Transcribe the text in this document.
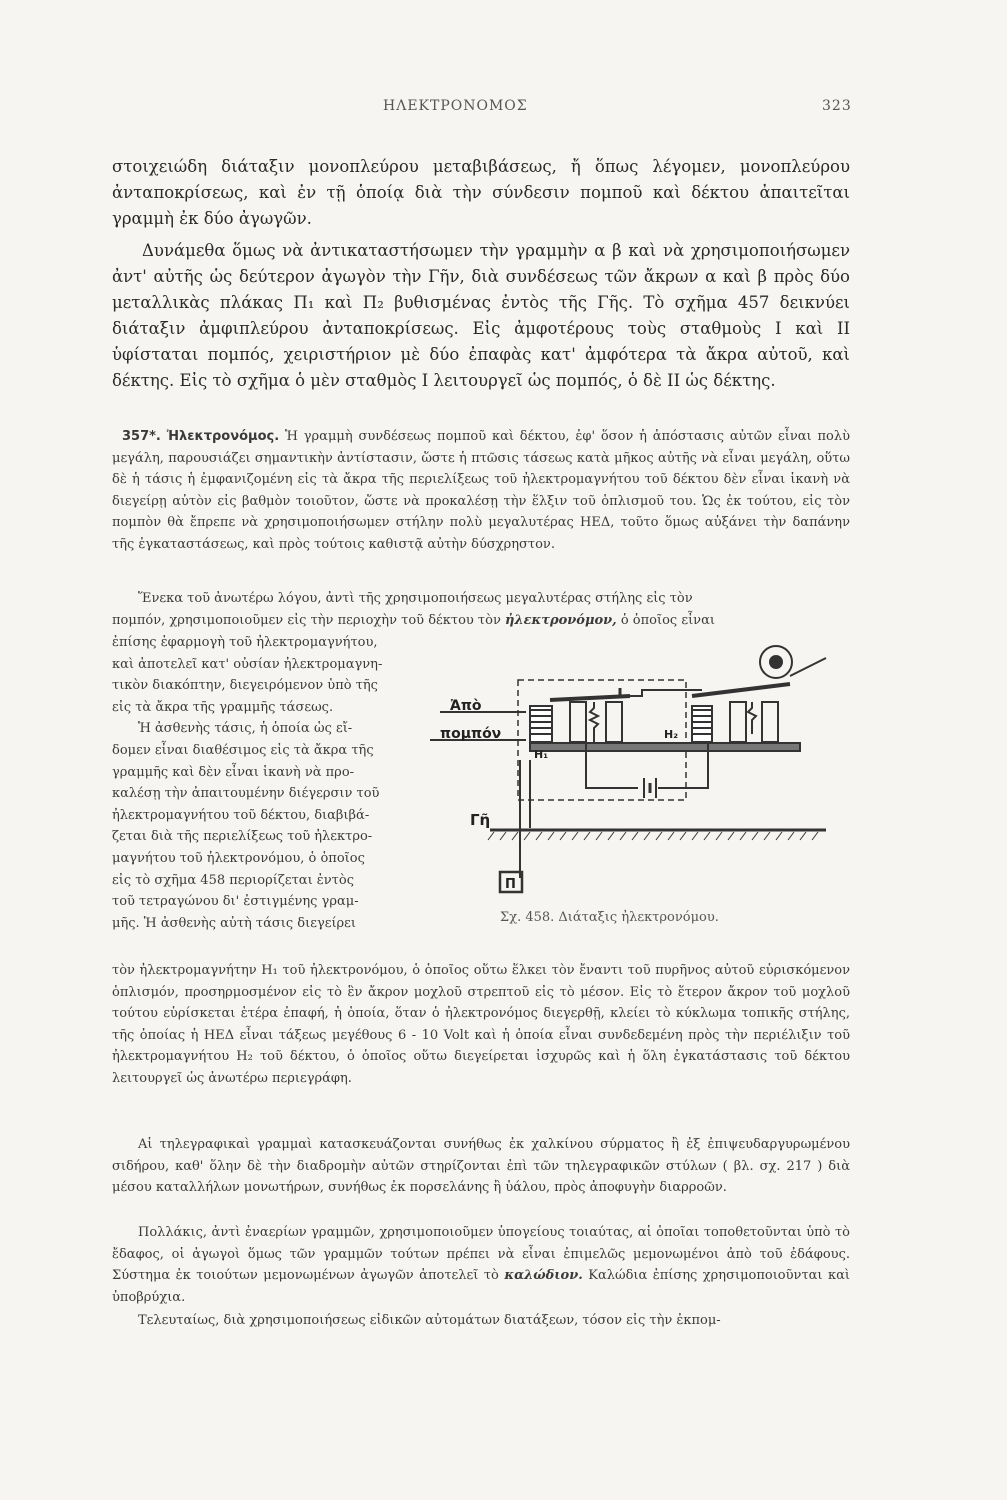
ΗΛΕΚΤΡΟΝΟΜΟΣ	323

στοιχειώδη διάταξιν μονοπλεύρου μεταβιβάσεως, ἤ ὅπως λέγομεν, μονοπλεύρου ἀνταποκρίσεως, καὶ ἐν τῇ ὁποίᾳ διὰ τὴν σύνδεσιν πομποῦ καὶ δέκτου ἀπαιτεῖται γραμμὴ ἐκ δύο ἀγωγῶν.

Δυνάμεθα ὅμως νὰ ἀντικαταστήσωμεν τὴν γραμμὴν α β καὶ νὰ χρησιμοποιήσωμεν ἀντ' αὐτῆς ὡς δεύτερον ἀγωγὸν τὴν Γῆν, διὰ συνδέσεως τῶν ἄκρων α καὶ β πρὸς δύο μεταλλικὰς πλάκας Π₁ καὶ Π₂ βυθισμένας ἐντὸς τῆς Γῆς. Τὸ σχῆμα 457 δεικνύει διάταξιν ἀμφιπλεύρου ἀνταποκρίσεως. Εἰς ἀμφοτέρους τοὺς σταθμοὺς Ι καὶ ΙΙ ὑφίσταται πομπός, χειριστήριον μὲ δύο ἐπαφὰς κατ' ἀμφότερα τὰ ἄκρα αὐτοῦ, καὶ δέκτης. Εἰς τὸ σχῆμα ὁ μὲν σταθμὸς Ι λειτουργεῖ ὡς πομπός, ὁ δὲ ΙΙ ὡς δέκτης.

357*. Ἠλεκτρονόμος. Ἡ γραμμὴ συνδέσεως πομποῦ καὶ δέκτου, ἐφ' ὅσον ἡ ἀπόστασις αὐτῶν εἶναι πολὺ μεγάλη, παρουσιάζει σημαντικὴν ἀντίστασιν, ὥστε ἡ πτῶσις τάσεως κατὰ μῆκος αὐτῆς νὰ εἶναι μεγάλη, οὕτω δὲ ἡ τάσις ἡ ἐμφανιζομένη εἰς τὰ ἄκρα τῆς περιελίξεως τοῦ ἠλεκτρομαγνήτου τοῦ δέκτου δὲν εἶναι ἱκανὴ νὰ διεγείρῃ αὐτὸν εἰς βαθμὸν τοιοῦτον, ὥστε νὰ προκαλέσῃ τὴν ἕλξιν τοῦ ὁπλισμοῦ του. Ὡς ἐκ τούτου, εἰς τὸν πομπὸν θὰ ἔπρεπε νὰ χρησιμοποιήσωμεν στήλην πολὺ μεγαλυτέρας ΗΕΔ, τοῦτο ὅμως αὐξάνει τὴν δαπάνην τῆς ἐγκαταστάσεως, καὶ πρὸς τούτοις καθιστᾷ αὐτὴν δύσχρηστον.

Ἕνεκα τοῦ ἀνωτέρω λόγου, ἀντὶ τῆς χρησιμοποιήσεως μεγαλυτέρας στήλης εἰς τὸν

πομπόν, χρησιμοποιοῦμεν εἰς τὴν περιοχὴν τοῦ δέκτου τὸν ἠλεκτρονόμον, ὁ ὁποῖος εἶναι

ἐπίσης ἐφαρμογὴ τοῦ ἠλεκτρομαγνήτου,
καὶ ἀποτελεῖ κατ' οὐσίαν ἠλεκτρομαγνη-
τικὸν διακόπτην, διεγειρόμενον ὑπὸ τῆς
εἰς τὰ ἄκρα τῆς γραμμῆς τάσεως.
Ἡ ἀσθενὴς τάσις, ἡ ὁποία ὡς εἴ-
δομεν εἶναι διαθέσιμος εἰς τὰ ἄκρα τῆς
γραμμῆς καὶ δὲν εἶναι ἱκανὴ νὰ προ-
καλέσῃ τὴν ἀπαιτουμένην διέγερσιν τοῦ
ἠλεκτρομαγνήτου τοῦ δέκτου, διαβιβά-
ζεται διὰ τῆς περιελίξεως τοῦ ἠλεκτρο-
μαγνήτου τοῦ ἠλεκτρονόμου, ὁ ὁποῖος
εἰς τὸ σχῆμα 458 περιορίζεται ἐντὸς
τοῦ τετραγώνου δι' ἐστιγμένης γραμ-
μῆς. Ἡ ἀσθενὴς αὐτὴ τάσις διεγείρει
Ἀπὸ
πομπόν
H₁
H₂
Γῆ
Π
Σχ. 458. Διάταξις ἠλεκτρονόμου.

τὸν ἠλεκτρομαγνήτην Η₁ τοῦ ἠλεκτρονόμου, ὁ ὁποῖος οὕτω ἕλκει τὸν ἔναντι τοῦ πυρῆνος αὐτοῦ εὑρισκόμενον ὁπλισμόν, προσηρμοσμένον εἰς τὸ ἓν ἄκρον μοχλοῦ στρεπτοῦ εἰς τὸ μέσον. Εἰς τὸ ἕτερον ἄκρον τοῦ μοχλοῦ τούτου εὑρίσκεται ἑτέρα ἐπαφή, ἡ ὁποία, ὅταν ὁ ἠλεκτρονόμος διεγερθῇ, κλείει τὸ κύκλωμα τοπικῆς στήλης, τῆς ὁποίας ἡ ΗΕΔ εἶναι τάξεως μεγέθους 6 - 10 Volt καὶ ἡ ὁποία εἶναι συνδεδεμένη πρὸς τὴν περιέλιξιν τοῦ ἠλεκτρομαγνήτου Η₂ τοῦ δέκτου, ὁ ὁποῖος οὕτω διεγείρεται ἰσχυρῶς καὶ ἡ ὅλη ἐγκατάστασις τοῦ δέκτου λειτουργεῖ ὡς ἀνωτέρω περιεγράφη.

Αἱ τηλεγραφικαὶ γραμμαὶ κατασκευάζονται συνήθως ἐκ χαλκίνου σύρματος ἢ ἐξ ἐπιψευδαργυρωμένου σιδήρου, καθ' ὅλην δὲ τὴν διαδρομὴν αὐτῶν στηρίζονται ἐπὶ τῶν τηλεγραφικῶν στύλων ( βλ. σχ. 217 ) διὰ μέσου καταλλήλων μονωτήρων, συνήθως ἐκ πορσελάνης ἢ ὑάλου, πρὸς ἀποφυγὴν διαρροῶν.

Πολλάκις, ἀντὶ ἐναερίων γραμμῶν, χρησιμοποιοῦμεν ὑπογείους τοιαύτας, αἱ ὁποῖαι τοποθετοῦνται ὑπὸ τὸ ἔδαφος, οἱ ἀγωγοὶ ὅμως τῶν γραμμῶν τούτων πρέπει νὰ εἶναι ἐπιμελῶς μεμονωμένοι ἀπὸ τοῦ ἐδάφους. Σύστημα ἐκ τοιούτων μεμονωμένων ἀγωγῶν ἀποτελεῖ τὸ καλώδιον. Καλώδια ἐπίσης χρησιμοποιοῦνται καὶ ὑποβρύχια.

Τελευταίως, διὰ χρησιμοποιήσεως εἰδικῶν αὐτομάτων διατάξεων, τόσον εἰς τὴν ἐκπομ-
